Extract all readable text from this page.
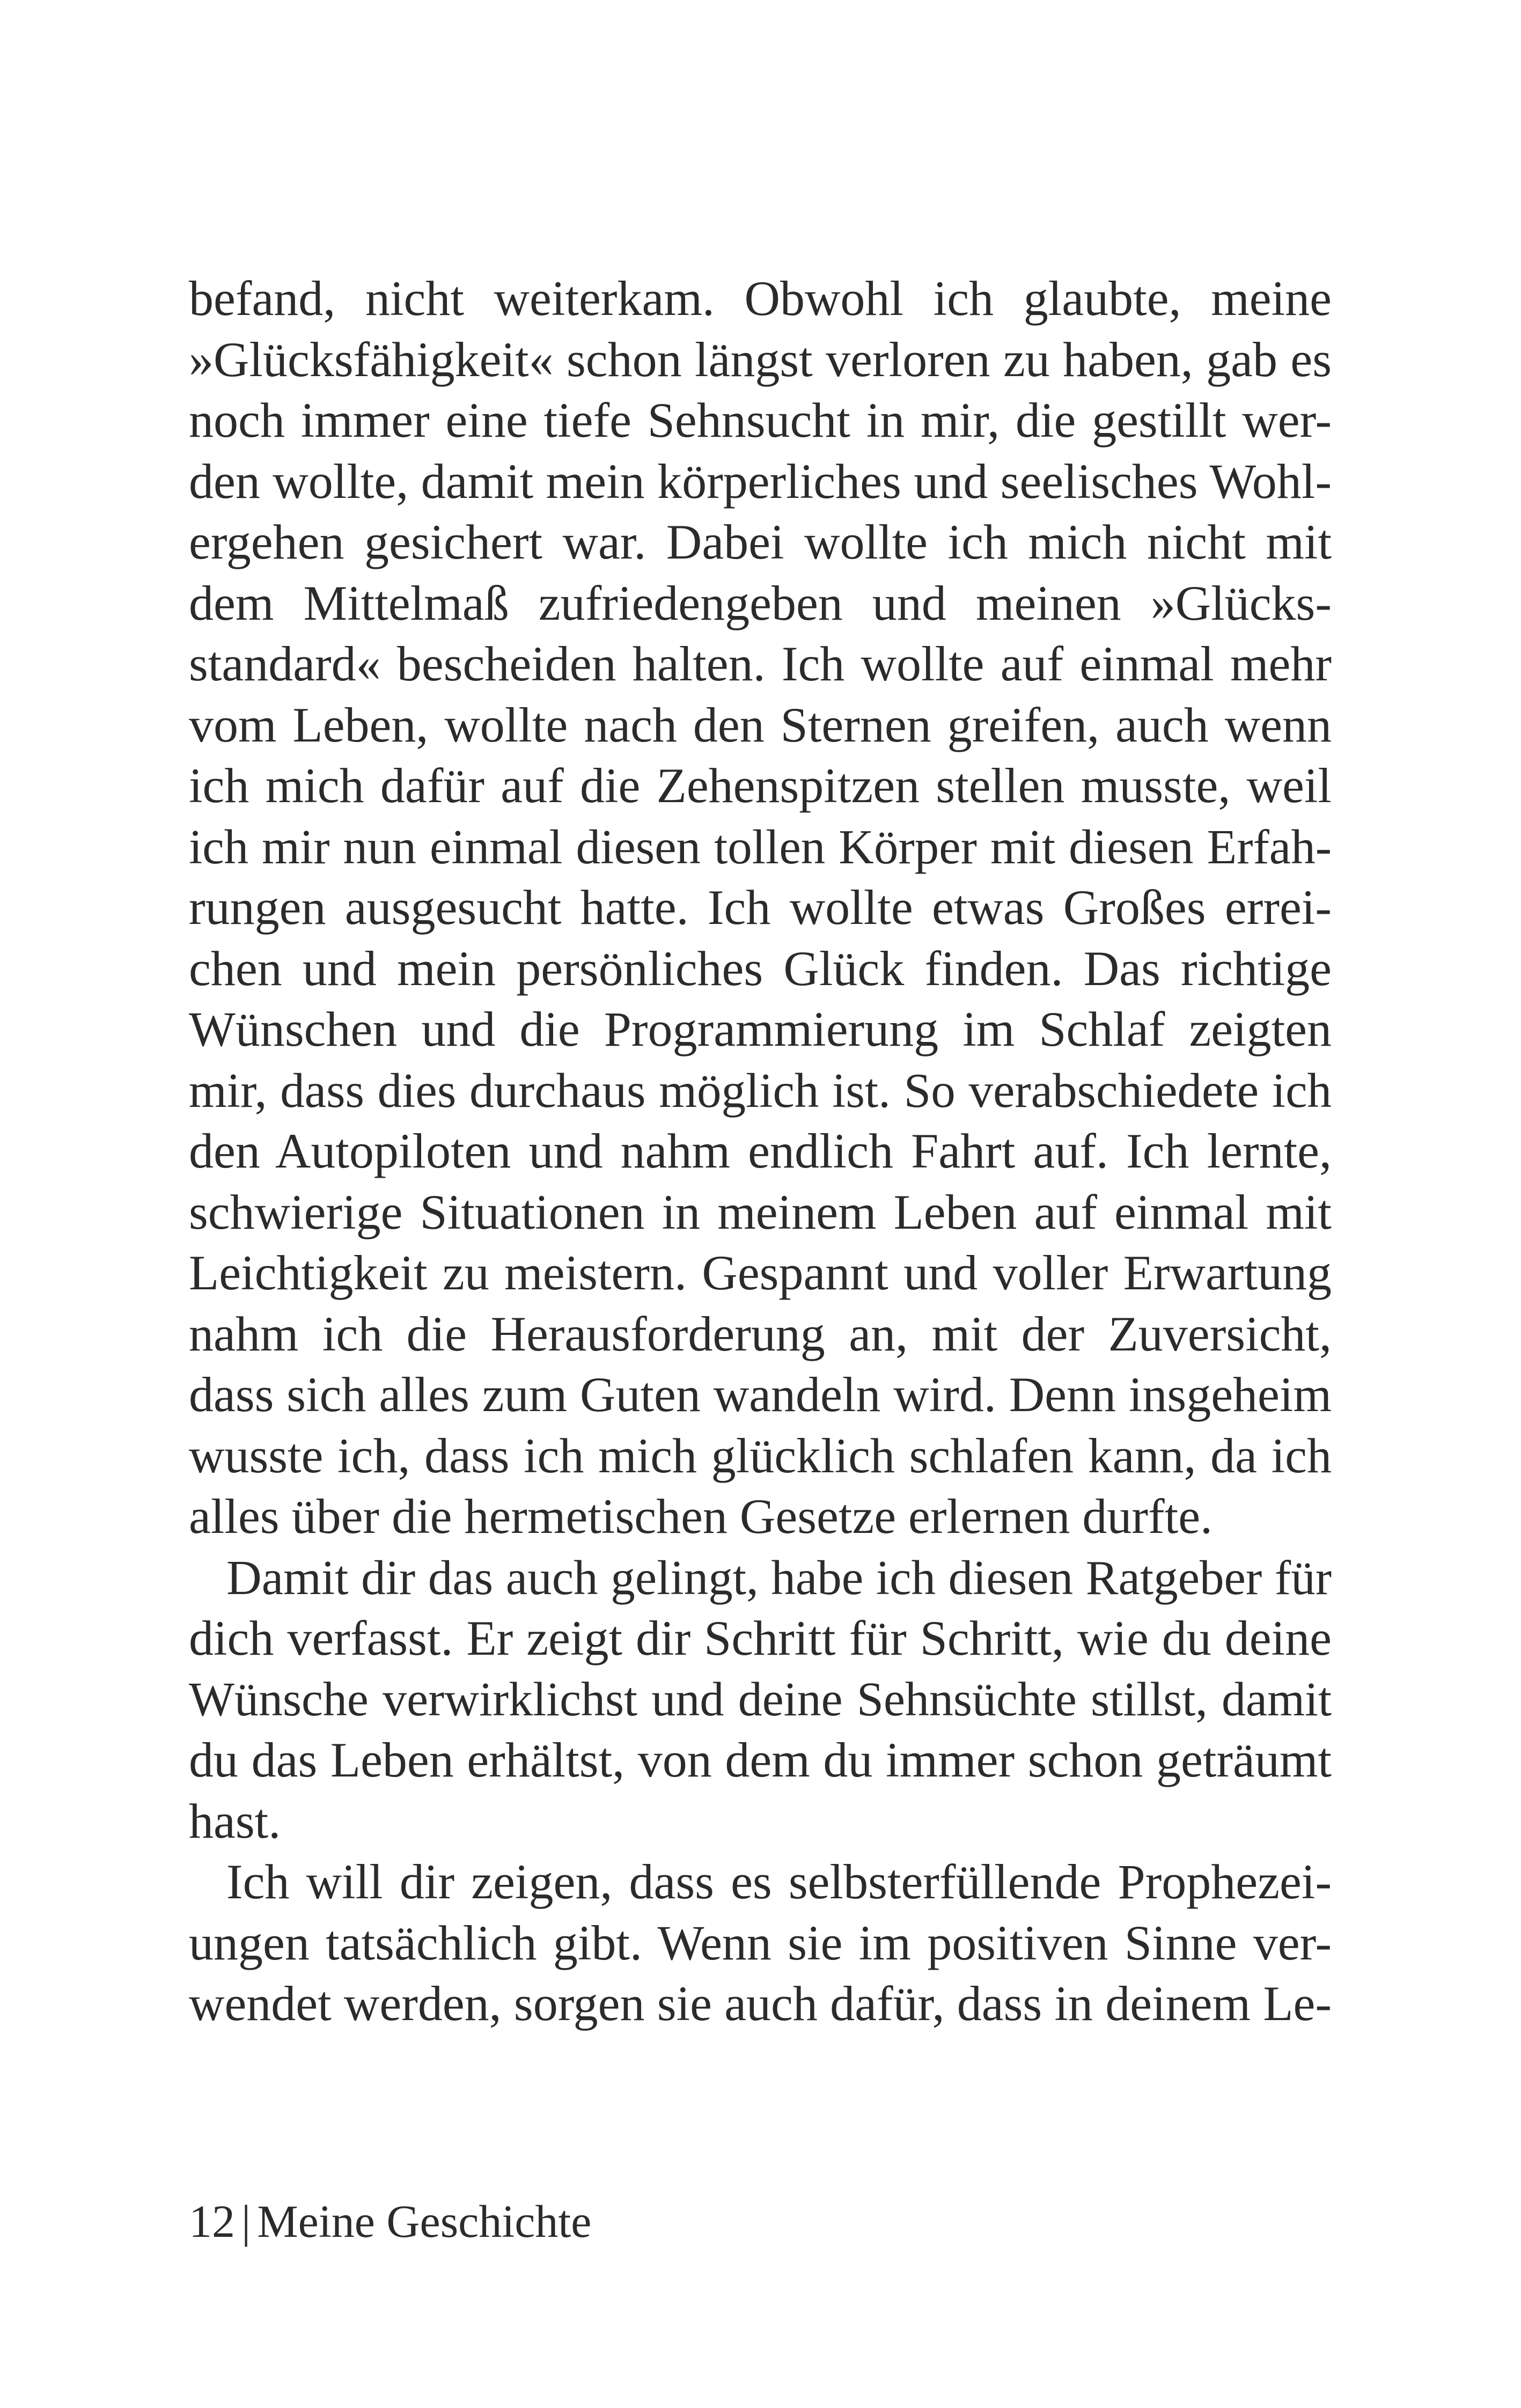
befand, nicht weiterkam. Obwohl ich glaubte, meine
»Glücksfähigkeit« schon längst verloren zu haben, gab es
noch immer eine tiefe Sehnsucht in mir, die gestillt wer-
den wollte, damit mein körperliches und seelisches Wohl-
ergehen gesichert war. Dabei wollte ich mich nicht mit
dem Mittelmaß zufriedengeben und meinen »Glücks-
standard« bescheiden halten. Ich wollte auf einmal mehr
vom Leben, wollte nach den Sternen greifen, auch wenn
ich mich dafür auf die Zehenspitzen stellen musste, weil
ich mir nun einmal diesen tollen Körper mit diesen Erfah-
rungen ausgesucht hatte. Ich wollte etwas Großes errei-
chen und mein persönliches Glück finden. Das richtige
Wünschen und die Programmierung im Schlaf zeigten
mir, dass dies durchaus möglich ist. So verabschiedete ich
den Autopiloten und nahm endlich Fahrt auf. Ich lernte,
schwierige Situationen in meinem Leben auf einmal mit
Leichtigkeit zu meistern. Gespannt und voller Erwartung
nahm ich die Herausforderung an, mit der Zuversicht,
dass sich alles zum Guten wandeln wird. Denn insgeheim
wusste ich, dass ich mich glücklich schlafen kann, da ich
alles über die hermetischen Gesetze erlernen durfte.
Damit dir das auch gelingt, habe ich diesen Ratgeber für
dich verfasst. Er zeigt dir Schritt für Schritt, wie du deine
Wünsche verwirklichst und deine Sehnsüchte stillst, damit
du das Leben erhältst, von dem du immer schon geträumt
hast.
Ich will dir zeigen, dass es selbsterfüllende Prophezei-
ungen tatsächlich gibt. Wenn sie im positiven Sinne ver-
wendet werden, sorgen sie auch dafür, dass in deinem Le-
12 | Meine Geschichte
